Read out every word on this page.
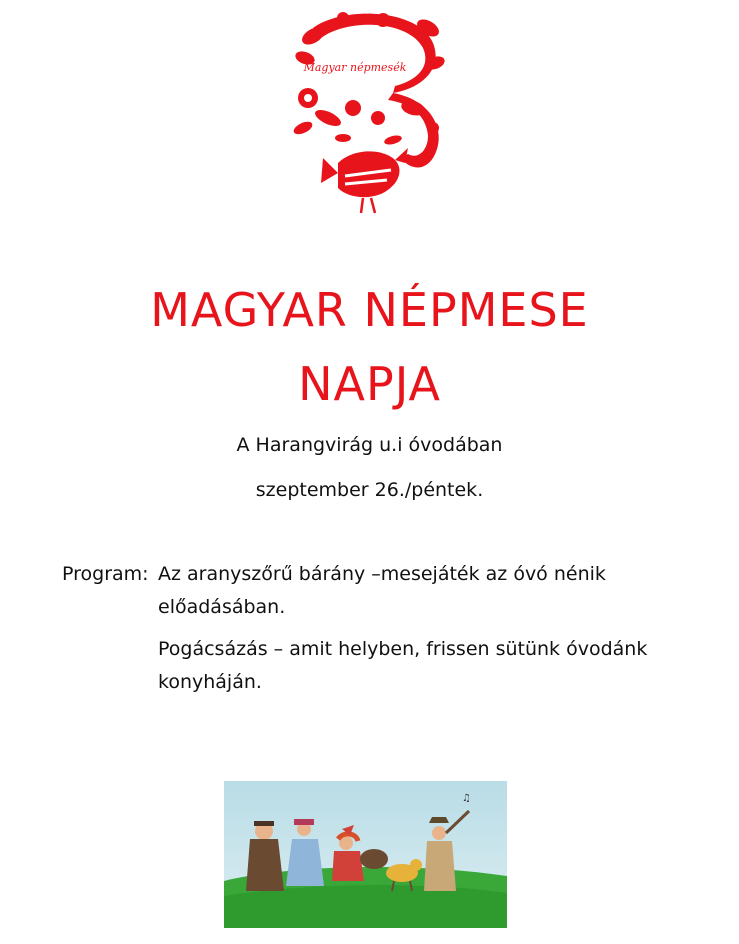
Magyar népmesék
MAGYAR NÉPMESE
NAPJA
A Harangvirág u.i óvodában
szeptember 26./péntek.
Program: Az aranyszőrű bárány –mesejáték az óvó nénik előadásában.
Pogácsázás – amit helyben, frissen sütünk óvodánk konyháján.
♫
